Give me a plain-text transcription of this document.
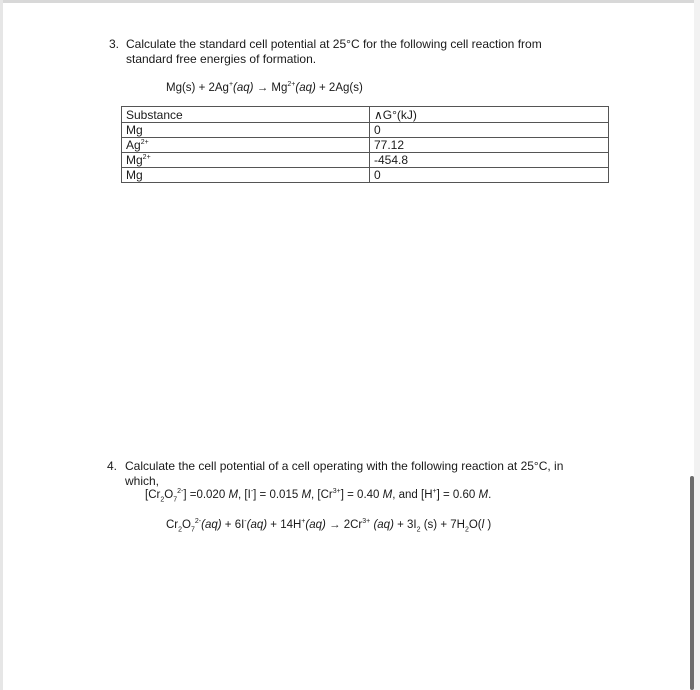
3. Calculate the standard cell potential at 25°C for the following cell reaction from
standard free energies of formation.
$Mg(s) + 2Ag^+(aq) \to Mg^{2+}(aq) + 2Ag(s)$
Substance	∧G°(kJ)
Mg	0
$Ag^{2+}$	77.12
$Mg^{2+}$	-454.8
Mg	0
4. Calculate the cell potential of a cell operating with the following reaction at 25°C, in
which,
$[Cr_2O_7^{2-}] =0.020$ M, [I-] = 0.015 M, $[Cr^{3+}] = 0.40$ M, and [H+] = 0.60 M.
$Cr_2O_7^{2-}(aq) + 6I^-(aq) + 14H^+(aq) \to 2Cr^{3+}$ $(aq) + 3I_2$ $(s) + 7H_2O(l$ )
